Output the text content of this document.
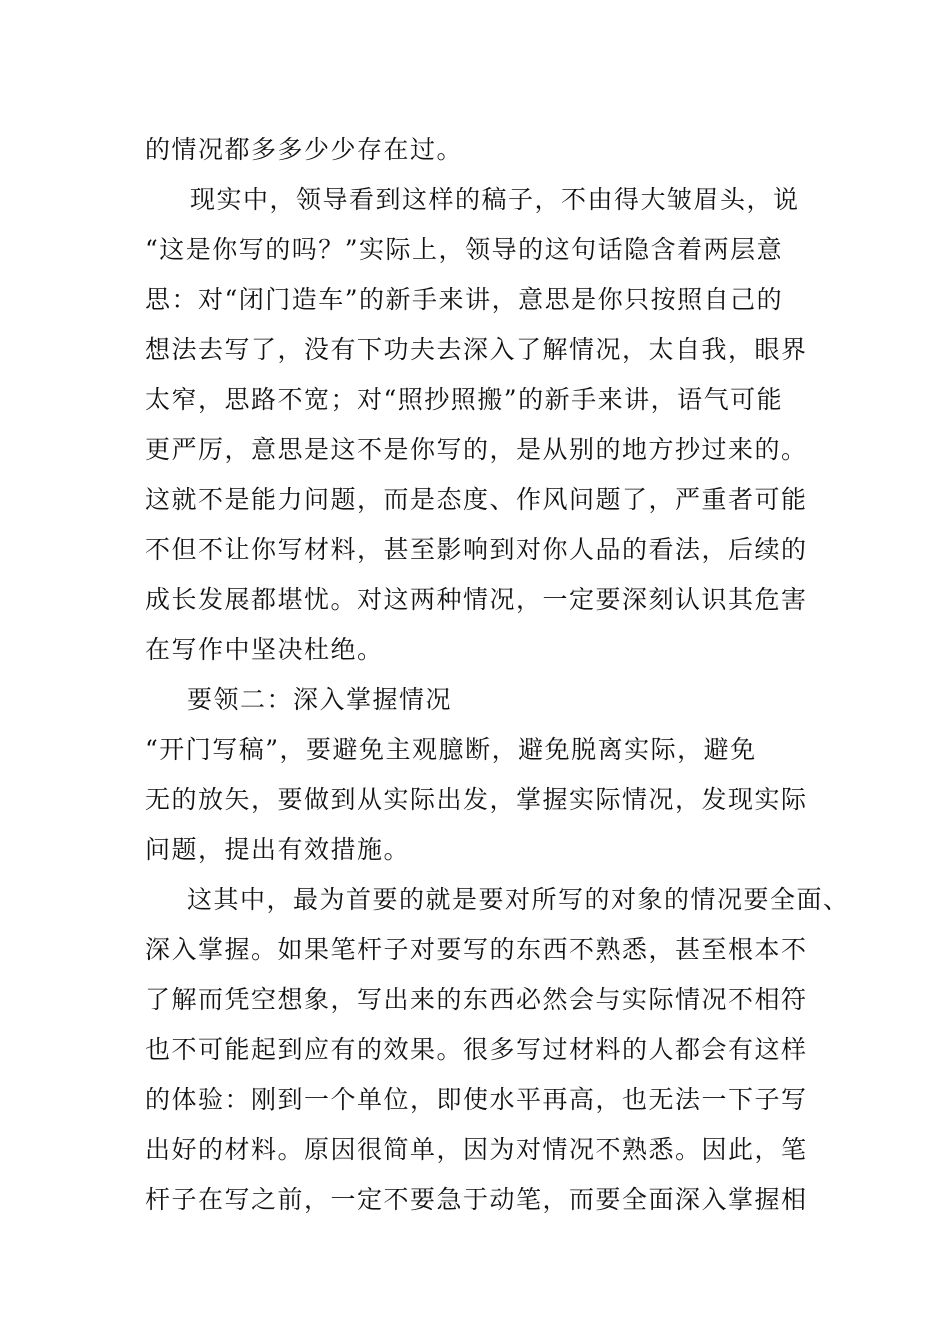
的情况都多多少少存在过。
现实中，领导看到这样的稿子，不由得大皱眉头，说
“这是你写的吗？”实际上，领导的这句话隐含着两层意
思：对“闭门造车”的新手来讲，意思是你只按照自己的
想法去写了，没有下功夫去深入了解情况，太自我，眼界
太窄，思路不宽；对“照抄照搬”的新手来讲，语气可能
更严厉，意思是这不是你写的，是从别的地方抄过来的。
这就不是能力问题，而是态度、作风问题了，严重者可能
不但不让你写材料，甚至影响到对你人品的看法，后续的
成长发展都堪忧。对这两种情况，一定要深刻认识其危害
在写作中坚决杜绝。
要领二：深入掌握情况
“开门写稿”，要避免主观臆断，避免脱离实际，避免
无的放矢，要做到从实际出发，掌握实际情况，发现实际
问题，提出有效措施。
这其中，最为首要的就是要对所写的对象的情况要全面、
深入掌握。如果笔杆子对要写的东西不熟悉，甚至根本不
了解而凭空想象，写出来的东西必然会与实际情况不相符
也不可能起到应有的效果。很多写过材料的人都会有这样
的体验：刚到一个单位，即使水平再高，也无法一下子写
出好的材料。原因很简单，因为对情况不熟悉。因此，笔
杆子在写之前，一定不要急于动笔，而要全面深入掌握相
